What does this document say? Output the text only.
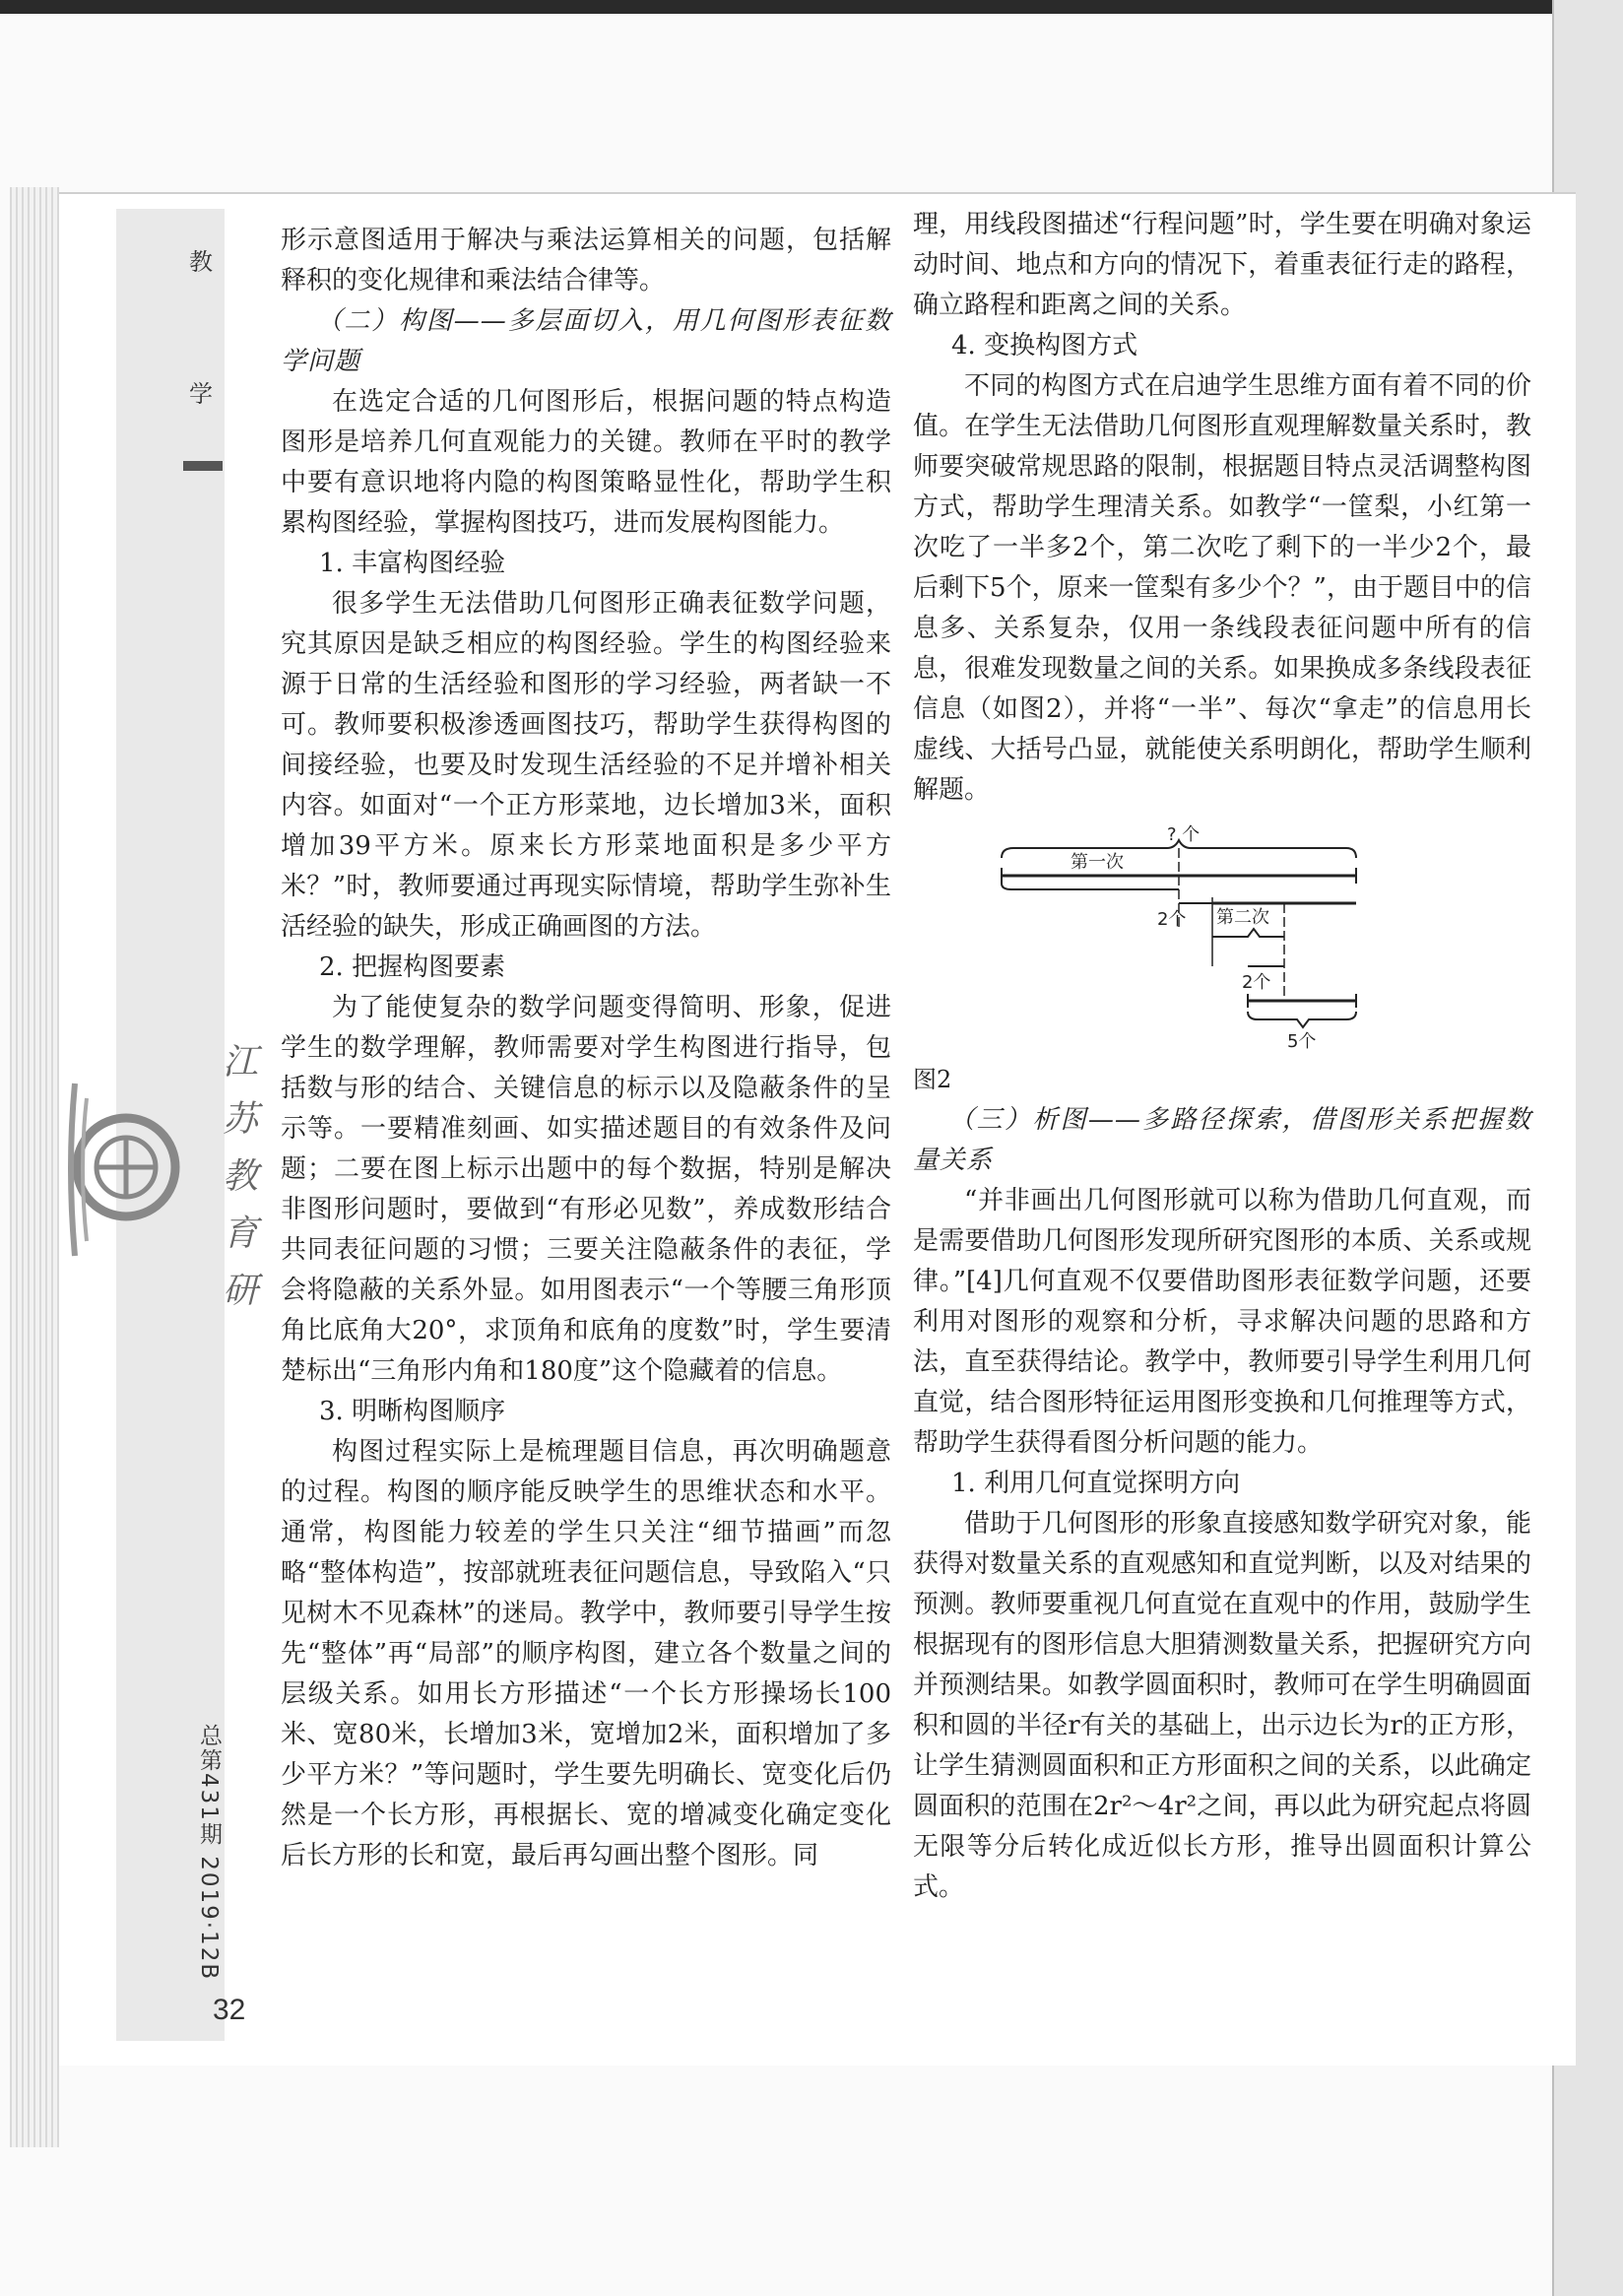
教
学
江
苏
教
育
研
总第431期 2019·12B
32

形示意图适用于解决与乘法运算相关的问题，包括解释积的变化规律和乘法结合律等。

（二）构图——多层面切入，用几何图形表征数学问题

在选定合适的几何图形后，根据问题的特点构造图形是培养几何直观能力的关键。教师在平时的教学中要有意识地将内隐的构图策略显性化，帮助学生积累构图经验，掌握构图技巧，进而发展构图能力。

1. 丰富构图经验

很多学生无法借助几何图形正确表征数学问题，究其原因是缺乏相应的构图经验。学生的构图经验来源于日常的生活经验和图形的学习经验，两者缺一不可。教师要积极渗透画图技巧，帮助学生获得构图的间接经验，也要及时发现生活经验的不足并增补相关内容。如面对“一个正方形菜地，边长增加3米，面积增加39平方米。原来长方形菜地面积是多少平方米？”时，教师要通过再现实际情境，帮助学生弥补生活经验的缺失，形成正确画图的方法。

2. 把握构图要素

为了能使复杂的数学问题变得简明、形象，促进学生的数学理解，教师需要对学生构图进行指导，包括数与形的结合、关键信息的标示以及隐蔽条件的呈示等。一要精准刻画、如实描述题目的有效条件及问题；二要在图上标示出题中的每个数据，特别是解决非图形问题时，要做到“有形必见数”，养成数形结合共同表征问题的习惯；三要关注隐蔽条件的表征，学会将隐蔽的关系外显。如用图表示“一个等腰三角形顶角比底角大20°，求顶角和底角的度数”时，学生要清楚标出“三角形内角和180度”这个隐藏着的信息。

3. 明晰构图顺序

构图过程实际上是梳理题目信息，再次明确题意的过程。构图的顺序能反映学生的思维状态和水平。通常，构图能力较差的学生只关注“细节描画”而忽略“整体构造”，按部就班表征问题信息，导致陷入“只见树木不见森林”的迷局。教学中，教师要引导学生按先“整体”再“局部”的顺序构图，建立各个数量之间的层级关系。如用长方形描述“一个长方形操场长100米、宽80米，长增加3米，宽增加2米，面积增加了多少平方米？”等问题时，学生要先明确长、宽变化后仍然是一个长方形，再根据长、宽的增减变化确定变化后长方形的长和宽，最后再勾画出整个图形。同

理，用线段图描述“行程问题”时，学生要在明确对象运动时间、地点和方向的情况下，着重表征行走的路程，确立路程和距离之间的关系。

4. 变换构图方式

不同的构图方式在启迪学生思维方面有着不同的价值。在学生无法借助几何图形直观理解数量关系时，教师要突破常规思路的限制，根据题目特点灵活调整构图方式，帮助学生理清关系。如教学“一筐梨，小红第一次吃了一半多2个，第二次吃了剩下的一半少2个，最后剩下5个，原来一筐梨有多少个？”，由于题目中的信息多、关系复杂，仅用一条线段表征问题中所有的信息，很难发现数量之间的关系。如果换成多条线段表征信息（如图2），并将“一半”、每次“拿走”的信息用长虚线、大括号凸显，就能使关系明朗化，帮助学生顺利解题。

? 个
第一次
2个 第二次
2个
5个

图2

（三）析图——多路径探索，借图形关系把握数量关系

“并非画出几何图形就可以称为借助几何直观，而是需要借助几何图形发现所研究图形的本质、关系或规律。”[4]几何直观不仅要借助图形表征数学问题，还要利用对图形的观察和分析，寻求解决问题的思路和方法，直至获得结论。教学中，教师要引导学生利用几何直觉，结合图形特征运用图形变换和几何推理等方式，帮助学生获得看图分析问题的能力。

1. 利用几何直觉探明方向

借助于几何图形的形象直接感知数学研究对象，能获得对数量关系的直观感知和直觉判断，以及对结果的预测。教师要重视几何直觉在直观中的作用，鼓励学生根据现有的图形信息大胆猜测数量关系，把握研究方向并预测结果。如教学圆面积时，教师可在学生明确圆面积和圆的半径r有关的基础上，出示边长为r的正方形，让学生猜测圆面积和正方形面积之间的关系，以此确定圆面积的范围在2r²～4r²之间，再以此为研究起点将圆无限等分后转化成近似长方形，推导出圆面积计算公式。
